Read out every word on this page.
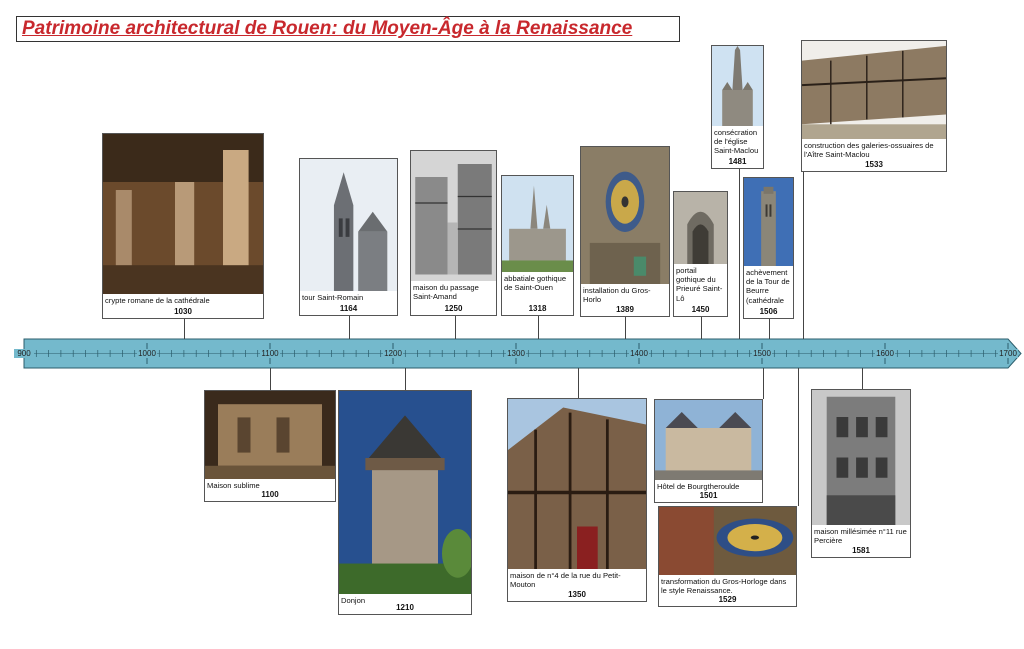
Patrimoine architectural de Rouen: du Moyen-Âge à la Renaissance
900	1000	1100	1200	1300	1400	1500	1600	1700
crypte romane de la cathédrale
1030
tour Saint-Romain
1164
maison du passage Saint-Amand
1250
abbatiale gothique de Saint-Ouen
1318
installation du Gros-Horlo
1389
portail gothique du Prieuré Saint-Lô
1450
consécration de l'église Saint-Maclou
1481
achèvement de la Tour de Beurre (cathédrale
1506
construction des galeries-ossuaires de l'Aître Saint-Maclou
1533
Maison sublime
1100
Donjon
1210
maison de n°4 de la rue du Petit-Mouton
1350
Hôtel de Bourgtheroulde
1501
transformation du Gros-Horloge dans le style Renaissance.
1529
maison millésimée n°11 rue Percière
1581
